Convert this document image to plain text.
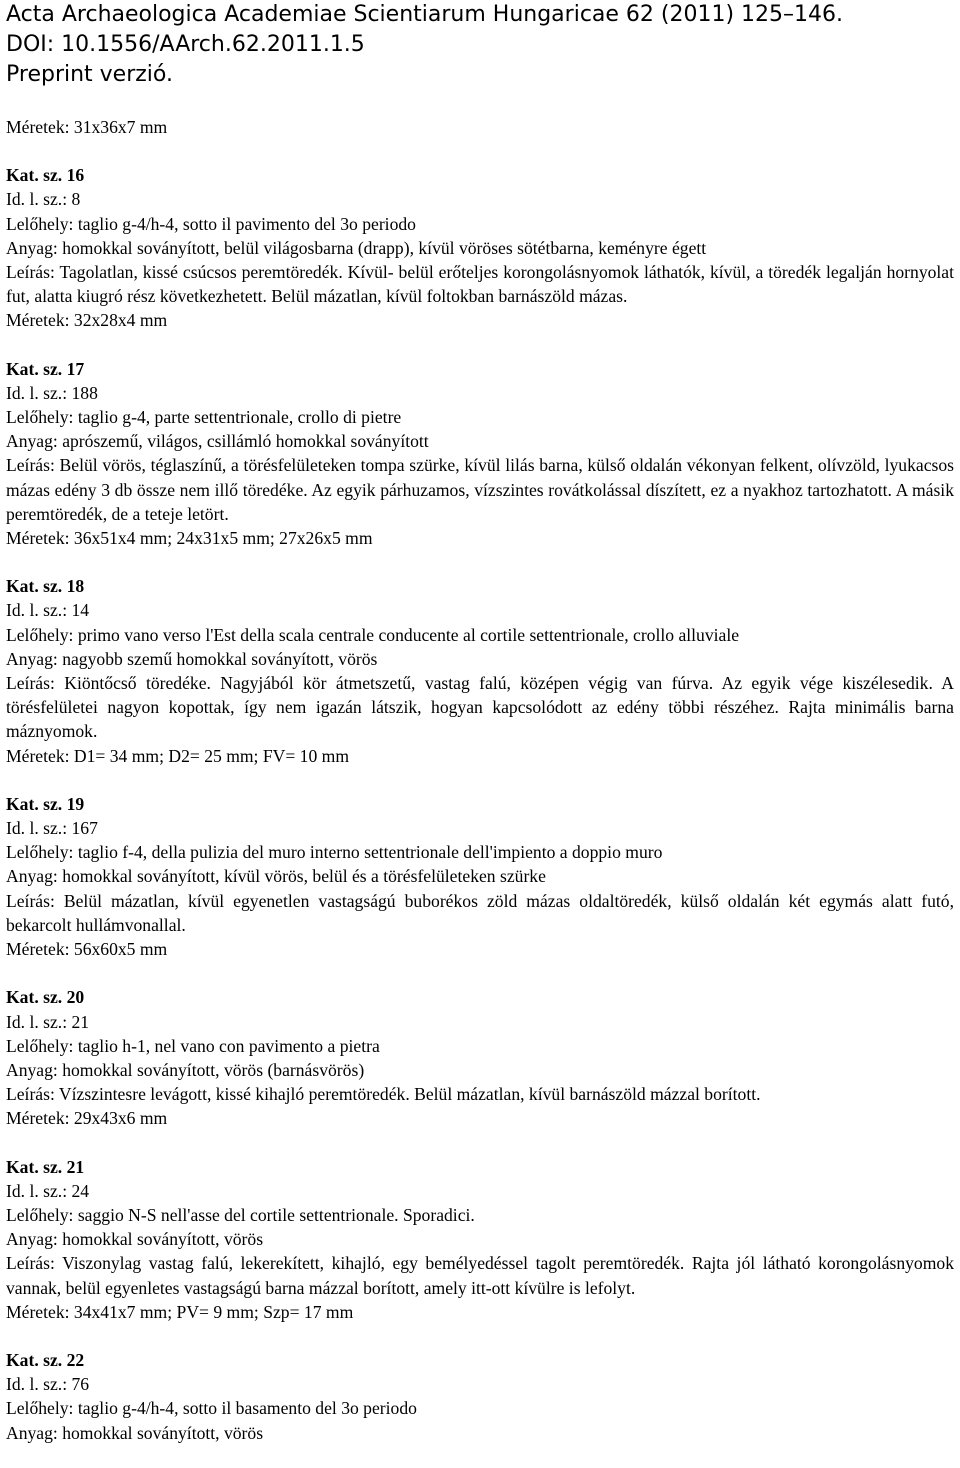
Acta Archaeologica Academiae Scientiarum Hungaricae 62 (2011) 125–146.
DOI: 10.1556/AArch.62.2011.1.5
Preprint verzió.
Méretek: 31x36x7 mm
Kat. sz. 16
Id. l. sz.: 8
Lelőhely: taglio g-4/h-4, sotto il pavimento del 3o periodo
Anyag: homokkal soványított, belül világosbarna (drapp), kívül vöröses sötétbarna, keményre égett
Leírás: Tagolatlan, kissé csúcsos peremtöredék. Kívül- belül erőteljes korongolásnyomok láthatók, kívül, a töredék legalján hornyolat fut, alatta kiugró rész következhetett. Belül mázatlan, kívül foltokban barnászöld mázas.
Méretek: 32x28x4 mm
Kat. sz. 17
Id. l. sz.: 188
Lelőhely: taglio g-4, parte settentrionale, crollo di pietre
Anyag: aprószemű, világos, csillámló homokkal soványított
Leírás: Belül vörös, téglaszínű, a törésfelületeken tompa szürke, kívül lilás barna, külső oldalán vékonyan felkent, olívzöld, lyukacsos mázas edény 3 db össze nem illő töredéke. Az egyik párhuzamos, vízszintes rovátkolással díszített, ez a nyakhoz tartozhatott. A másik peremtöredék, de a teteje letört.
Méretek: 36x51x4 mm; 24x31x5 mm; 27x26x5 mm
Kat. sz. 18
Id. l. sz.: 14
Lelőhely: primo vano verso l'Est della scala centrale conducente al cortile settentrionale, crollo alluviale
Anyag: nagyobb szemű homokkal soványított, vörös
Leírás: Kiöntőcső töredéke. Nagyjából kör átmetszetű, vastag falú, középen végig van fúrva. Az egyik vége kiszélesedik. A törésfelületei nagyon kopottak, így nem igazán látszik, hogyan kapcsolódott az edény többi részéhez. Rajta minimális barna máznyomok.
Méretek: D1= 34 mm; D2= 25 mm; FV= 10 mm
Kat. sz. 19
Id. l. sz.: 167
Lelőhely: taglio f-4, della pulizia del muro interno settentrionale dell'impiento a doppio muro
Anyag: homokkal soványított, kívül vörös, belül és a törésfelületeken szürke
Leírás: Belül mázatlan, kívül egyenetlen vastagságú buborékos zöld mázas oldaltöredék, külső oldalán két egymás alatt futó, bekarcolt hullámvonallal.
Méretek: 56x60x5 mm
Kat. sz. 20
Id. l. sz.: 21
Lelőhely: taglio h-1, nel vano con pavimento a pietra
Anyag: homokkal soványított, vörös (barnásvörös)
Leírás: Vízszintesre levágott, kissé kihajló peremtöredék. Belül mázatlan, kívül barnászöld mázzal borított.
Méretek: 29x43x6 mm
Kat. sz. 21
Id. l. sz.: 24
Lelőhely: saggio N-S nell'asse del cortile settentrionale. Sporadici.
Anyag: homokkal soványított, vörös
Leírás: Viszonylag vastag falú, lekerekített, kihajló, egy bemélyedéssel tagolt peremtöredék. Rajta jól látható korongolásnyomok vannak, belül egyenletes vastagságú barna mázzal borított, amely itt-ott kívülre is lefolyt.
Méretek: 34x41x7 mm; PV= 9 mm; Szp= 17 mm
Kat. sz. 22
Id. l. sz.: 76
Lelőhely: taglio g-4/h-4, sotto il basamento del 3o periodo
Anyag: homokkal soványított, vörös
